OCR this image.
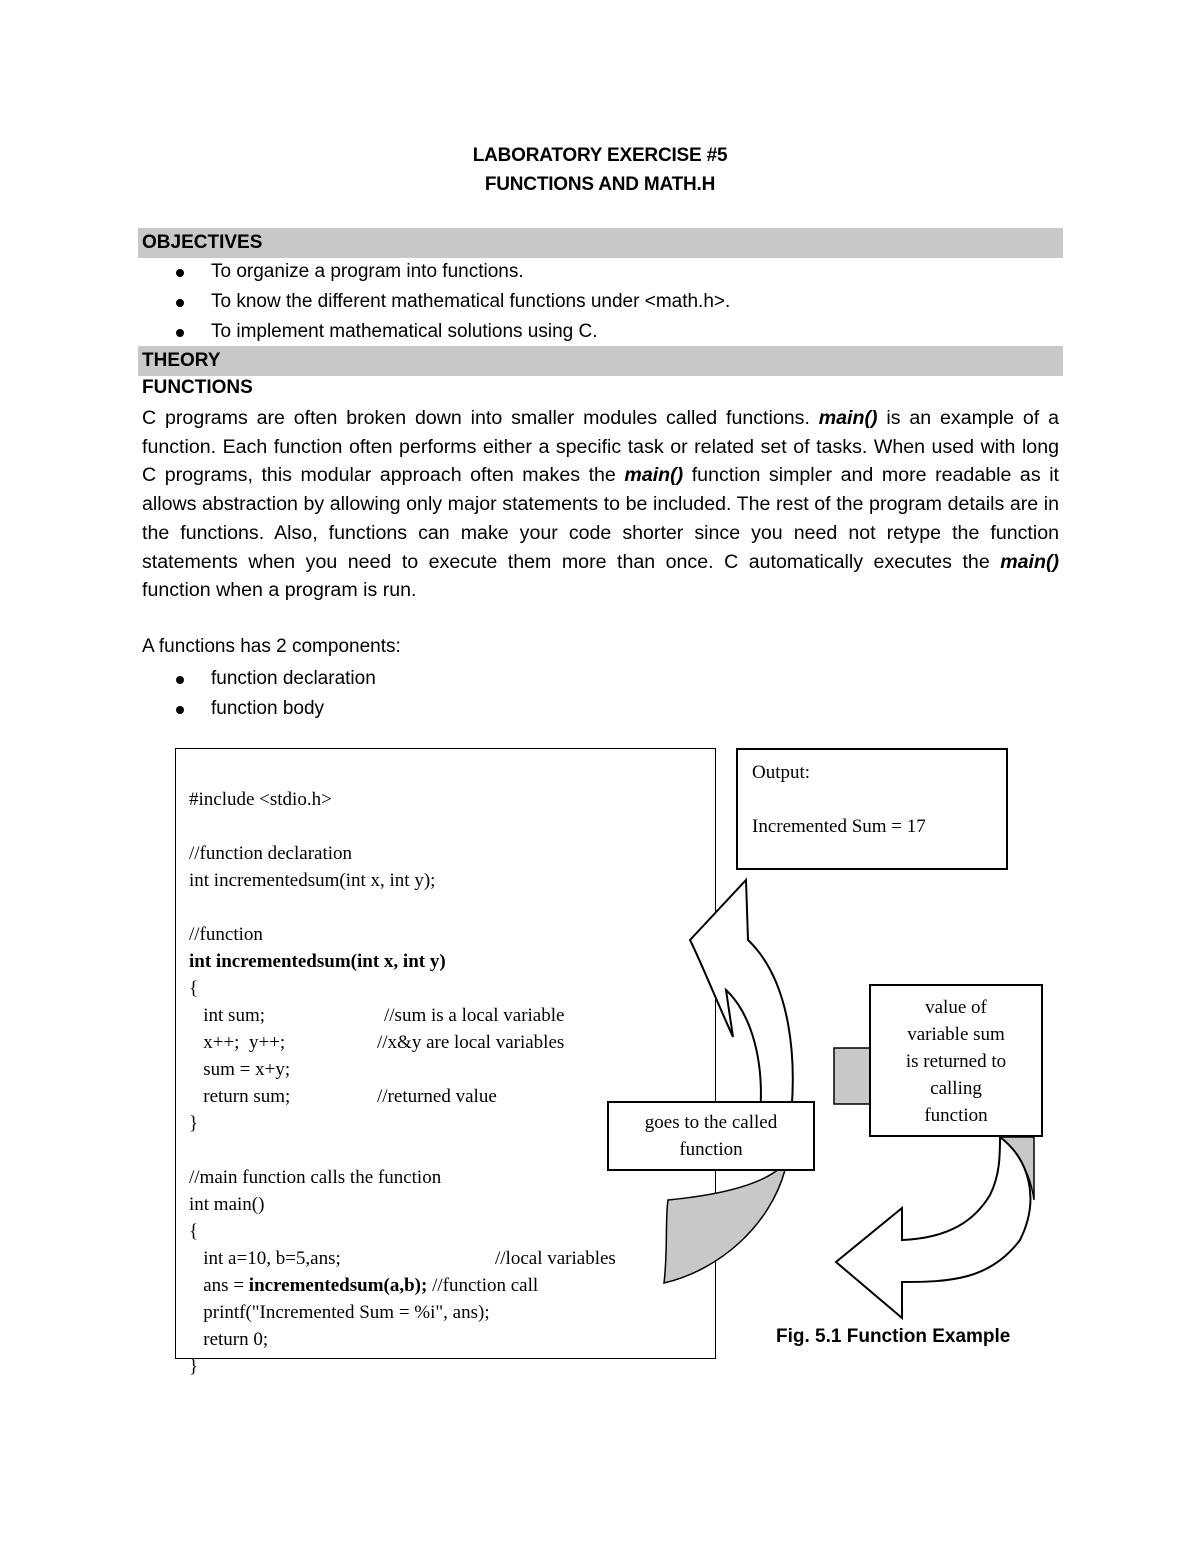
LABORATORY EXERCISE #5
FUNCTIONS AND MATH.H
OBJECTIVES
To organize a program into functions.
To know the different mathematical functions under <math.h>.
To implement mathematical solutions using C.
THEORY
FUNCTIONS
C programs are often broken down into smaller modules called functions. main() is an example of a function. Each function often performs either a specific task or related set of tasks. When used with long C programs, this modular approach often makes the main() function simpler and more readable as it allows abstraction by allowing only major statements to be included. The rest of the program details are in the functions. Also, functions can make your code shorter since you need not retype the function statements when you need to execute them more than once. C automatically executes the main() function when a program is run.
A functions has 2 components:
function declaration
function body

#include <stdio.h>
//function declaration
int incrementedsum(int x, int y);
//function
int incrementedsum(int x, int y)
{
int sum;	//sum is a local variable
x++;  y++;	//x&y are local variables
sum = x+y;
return sum;	//returned value
}
//main function calls the function
int main()
{
int a=10, b=5,ans;	//local variables
ans = incrementedsum(a,b); //function call
printf("Incremented Sum = %i", ans);
return 0;
}

Output:
Incremented Sum = 17
goes to the called
function
value of
variable sum
is returned to
calling
function
Fig. 5.1 Function Example
